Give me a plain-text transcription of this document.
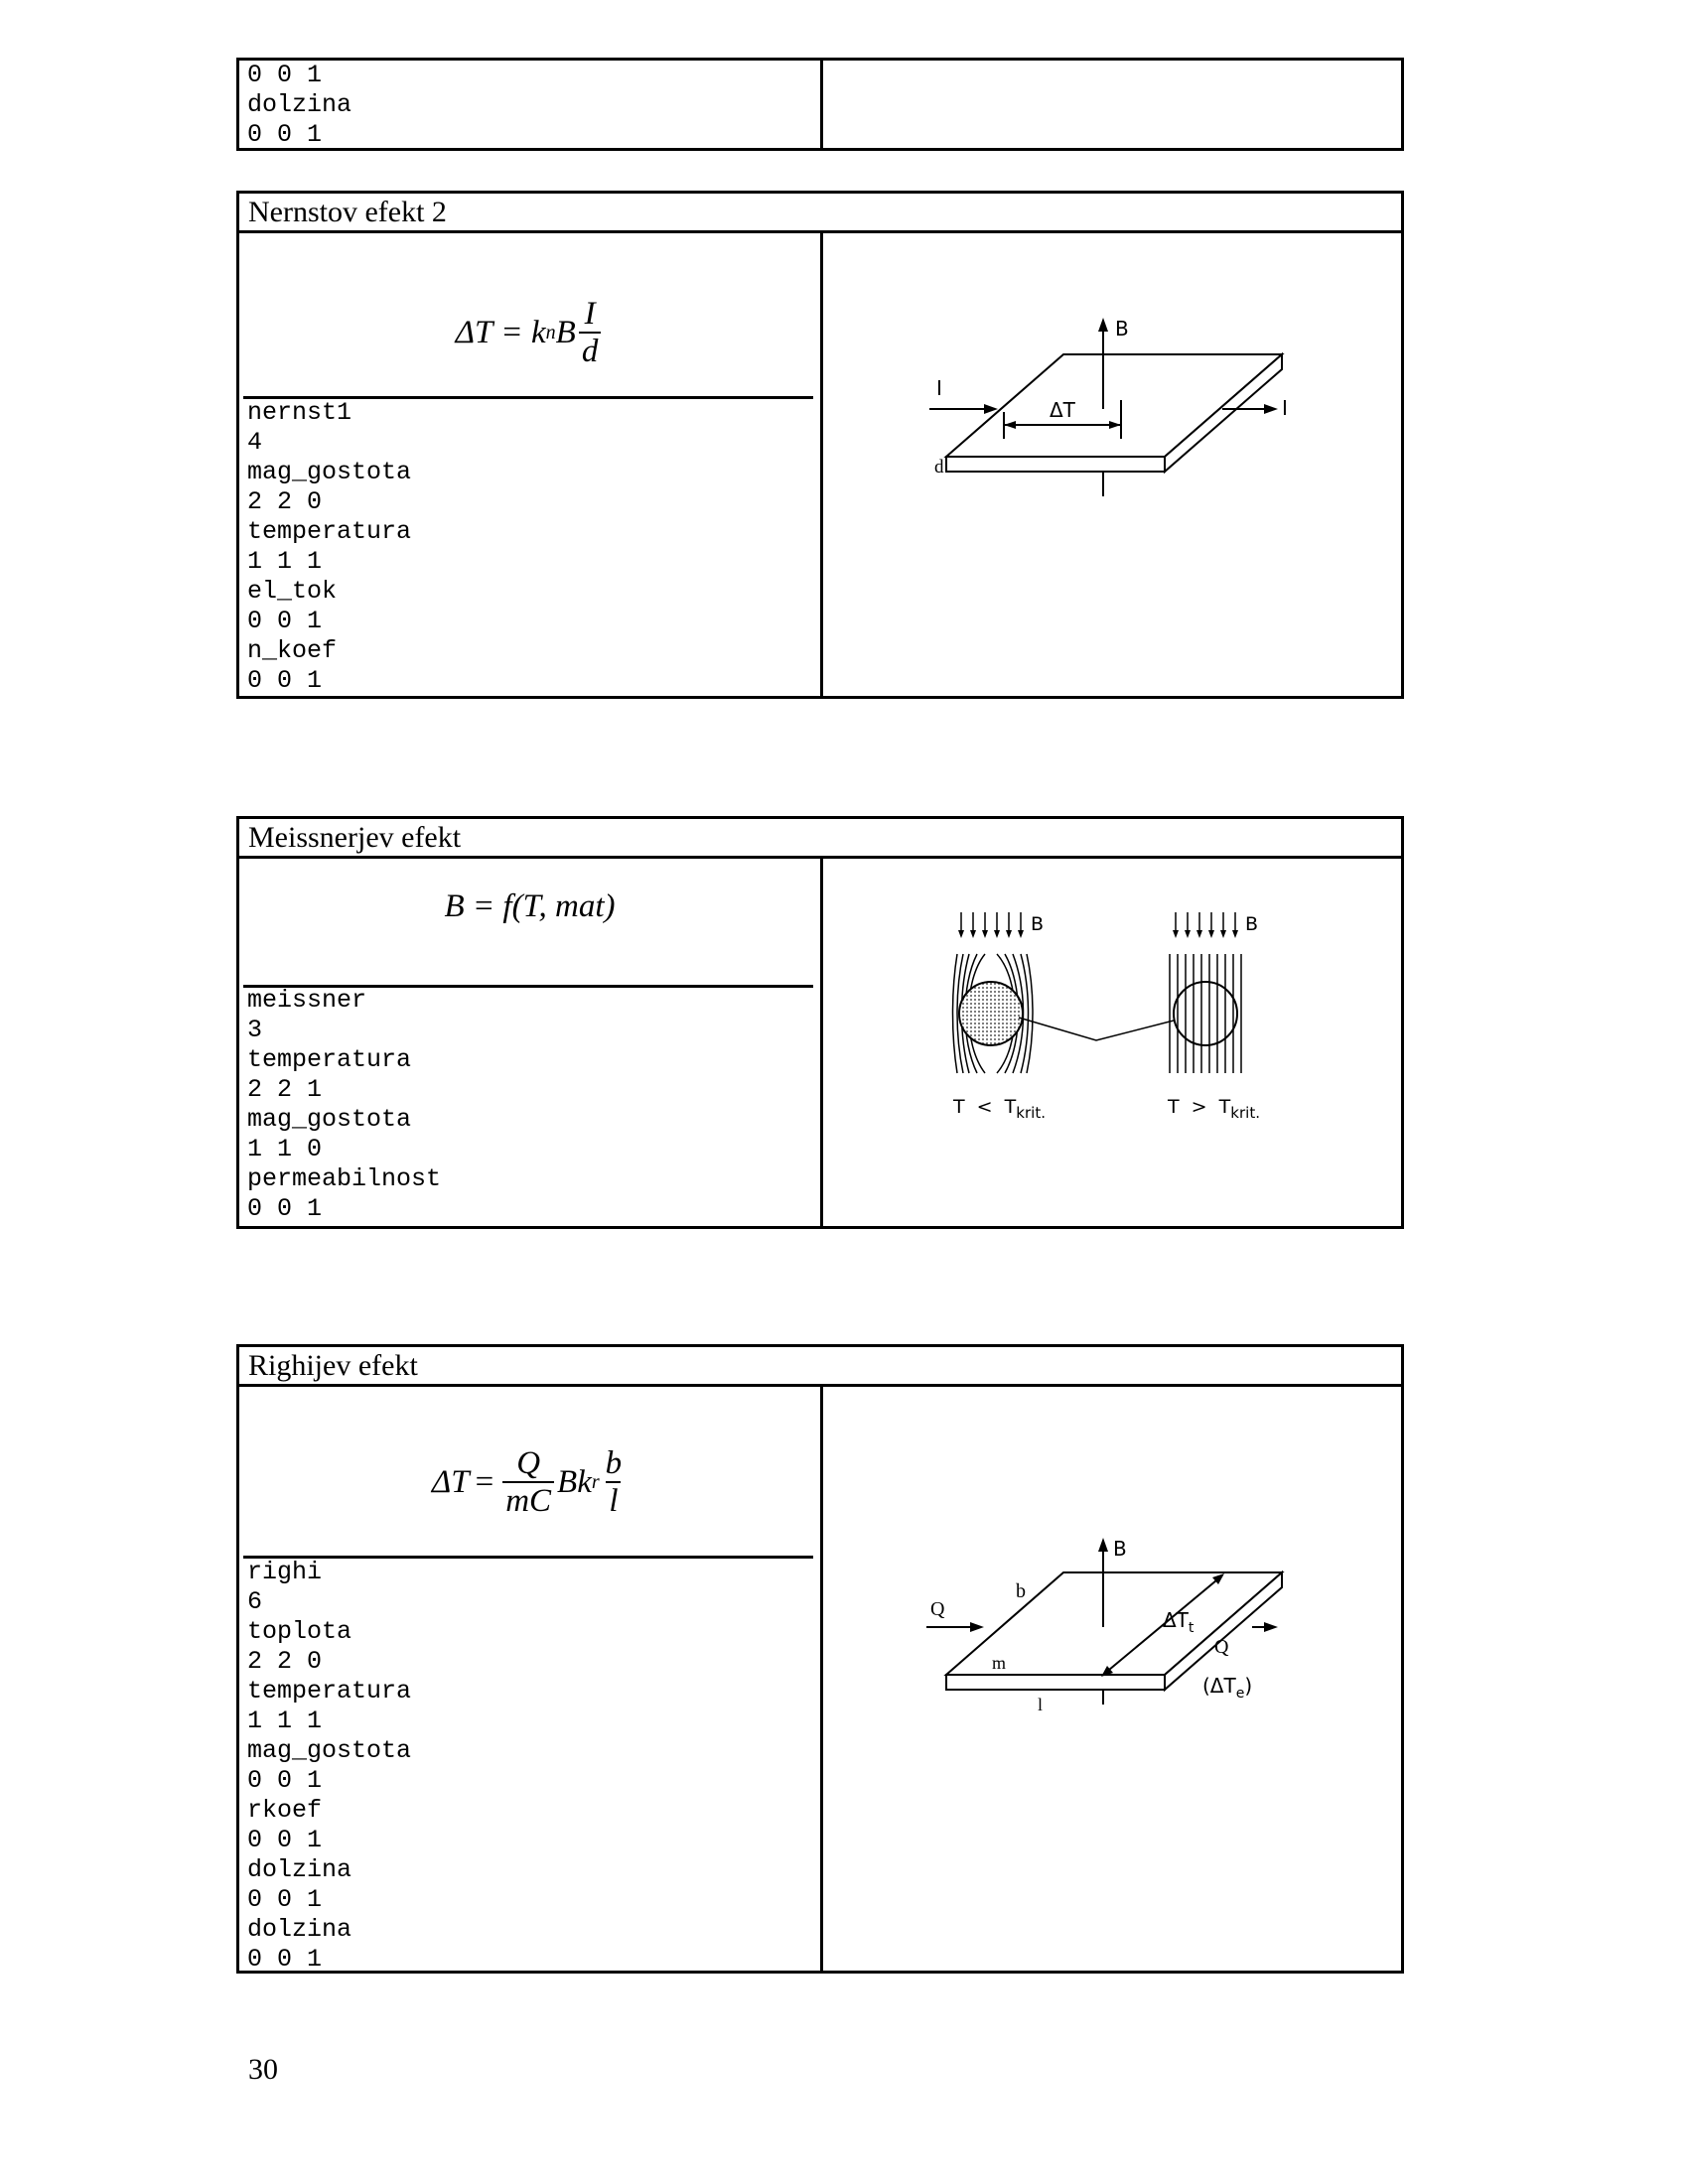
0 0 1
dolzina
0 0 1
Nernstov efekt 2
ΔT = k n B $\frac{I}{d}$
nernst1
4
mag_gostota
2 2 0
temperatura
1 1 1
el_tok
0 0 1
n_koef
0 0 1
B
I
I
ΔT
d
Meissnerjev efekt
B = f(T, mat)
meissner
3
temperatura
2 2 1
mag_gostota
1 1 0
permeabilnost
0 0 1
B	B
$T < T_{krit.}$	$T > T_{krit.}$
Righijev efekt
$\Delta T = \frac{Q}{mC}$ Bk r $\frac{b}{l}$
righi
6
toplota
2 2 0
temperatura
1 1 1
mag_gostota
0 0 1
rkoef
0 0 1
dolzina
0 0 1
dolzina
0 0 1
B
$\Delta T_t$
$(\Delta T_e)$
Q
Q
b
m
l
30
